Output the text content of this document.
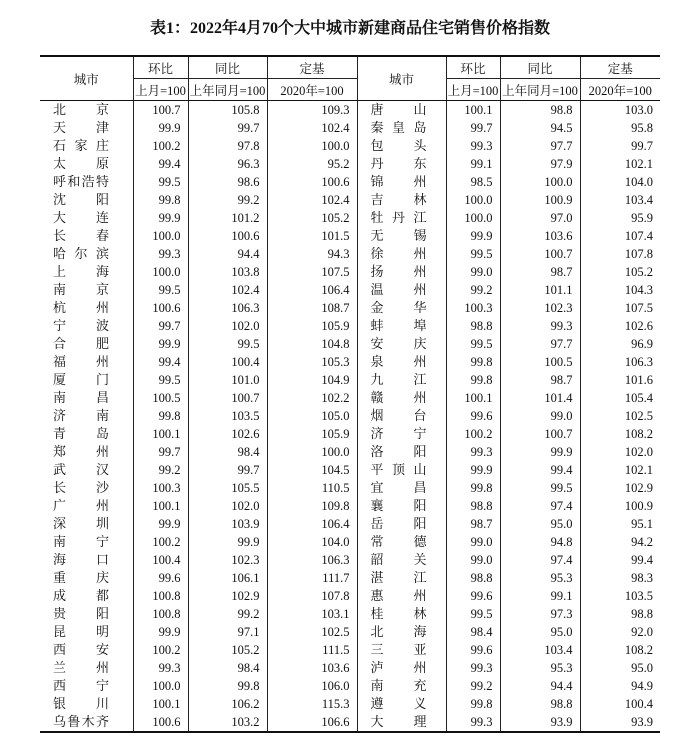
表1：2022年4月70个大中城市新建商品住宅销售价格指数
城市	环比	同比	定基	城市	环比	同比	定基
	上月=100	上年同月=100	2020年=100		上月=100	上年同月=100	2020年=100

北 京	100.7	105.8	109.3	唐 山	100.1	98.8	103.0

天 津	99.9	99.7	102.4	秦 皇 岛	99.7	94.5	95.8

石 家 庄	100.2	97.8	100.0	包 头	99.3	97.7	99.7

太 原	99.4	96.3	95.2	丹 东	99.1	97.9	102.1

呼 和 浩 特	99.5	98.6	100.6	锦 州	98.5	100.0	104.0

沈 阳	99.8	99.2	102.4	吉 林	100.0	100.9	103.4

大 连	99.9	101.2	105.2	牡 丹 江	100.0	97.0	95.9

长 春	100.0	100.6	101.5	无 锡	99.9	103.6	107.4

哈 尔 滨	99.3	94.4	94.3	徐 州	99.5	100.7	107.8

上 海	100.0	103.8	107.5	扬 州	99.0	98.7	105.2

南 京	99.5	102.4	106.4	温 州	99.2	101.1	104.3

杭 州	100.6	106.3	108.7	金 华	100.3	102.3	107.5

宁 波	99.7	102.0	105.9	蚌 埠	98.8	99.3	102.6

合 肥	99.9	99.5	104.8	安 庆	99.5	97.7	96.9

福 州	99.4	100.4	105.3	泉 州	99.8	100.5	106.3

厦 门	99.5	101.0	104.9	九 江	99.8	98.7	101.6

南 昌	100.5	100.7	102.2	赣 州	100.1	101.4	105.4

济 南	99.8	103.5	105.0	烟 台	99.6	99.0	102.5

青 岛	100.1	102.6	105.9	济 宁	100.2	100.7	108.2

郑 州	99.7	98.4	100.0	洛 阳	99.3	99.9	102.0

武 汉	99.2	99.7	104.5	平 顶 山	99.9	99.4	102.1

长 沙	100.3	105.5	110.5	宜 昌	99.8	99.5	102.9

广 州	100.1	102.0	109.8	襄 阳	98.8	97.4	100.9

深 圳	99.9	103.9	106.4	岳 阳	98.7	95.0	95.1

南 宁	100.2	99.9	104.0	常 德	99.0	94.8	94.2

海 口	100.4	102.3	106.3	韶 关	99.0	97.4	99.4

重 庆	99.6	106.1	111.7	湛 江	98.8	95.3	98.3

成 都	100.8	102.9	107.8	惠 州	99.6	99.1	103.5

贵 阳	100.8	99.2	103.1	桂 林	99.5	97.3	98.8

昆 明	99.9	97.1	102.5	北 海	98.4	95.0	92.0

西 安	100.2	105.2	111.5	三 亚	99.6	103.4	108.2

兰 州	99.3	98.4	103.6	泸 州	99.3	95.3	95.0

西 宁	100.0	99.8	106.0	南 充	99.2	94.4	94.9

银 川	100.1	106.2	115.3	遵 义	99.8	98.8	100.4

乌 鲁 木 齐	100.6	103.2	106.6	大 理	99.3	93.9	93.9
